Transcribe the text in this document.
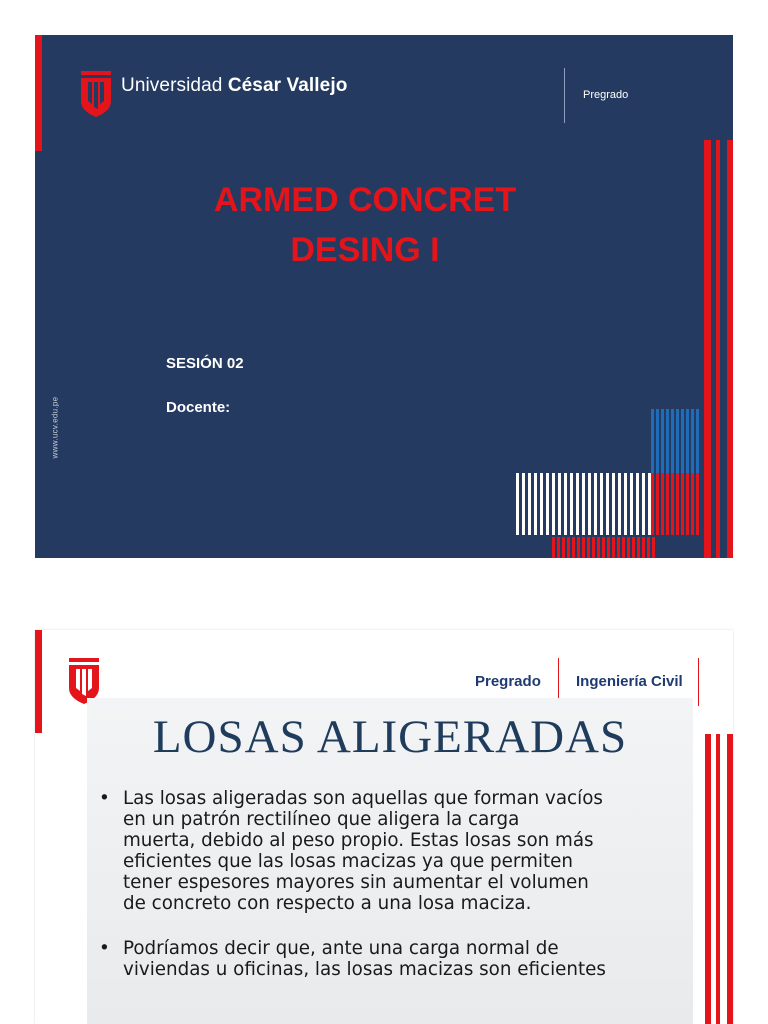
Universidad César Vallejo	Pregrado
ARMED CONCRET
DESING I
SESIÓN 02
Docente:
www.ucv.edu.pe
Pregrado Ingeniería Civil
LOSAS ALIGERADAS
• Las losas aligeradas son aquellas que forman vacíos
en un patrón rectilíneo que aligera la carga
muerta, debido al peso propio. Estas losas son más
eficientes que las losas macizas ya que permiten
tener espesores mayores sin aumentar el volumen
de concreto con respecto a una losa maciza.
• Podríamos decir que, ante una carga normal de
viviendas u oficinas, las losas macizas son eficientes
